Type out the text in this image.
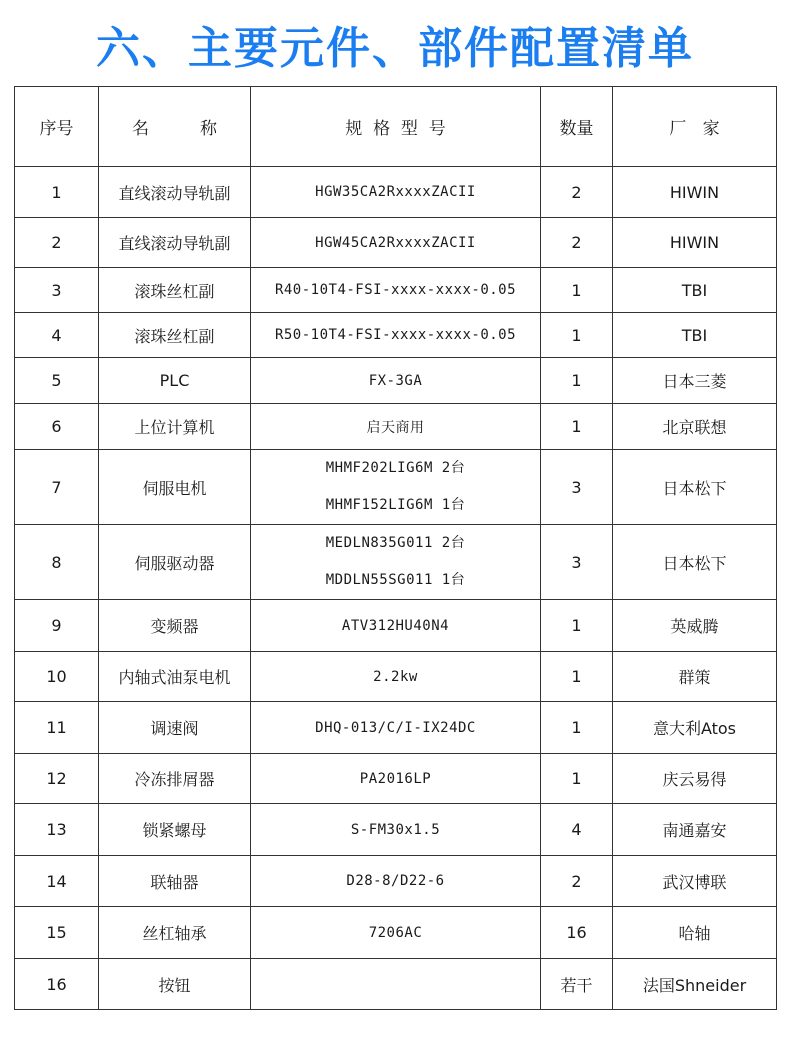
六、主要元件、部件配置清单
序号	名　　　称	规  格  型  号	数量	厂   家
1	直线滚动导轨副	HGW35CA2RxxxxZACII	2	HIWIN
2	直线滚动导轨副	HGW45CA2RxxxxZACII	2	HIWIN
3	滚珠丝杠副	R40-10T4-FSI-xxxx-xxxx-0.05	1	TBI
4	滚珠丝杠副	R50-10T4-FSI-xxxx-xxxx-0.05	1	TBI
5	PLC	FX-3GA	1	日本三菱
6	上位计算机	启天商用	1	北京联想
7	伺服电机	MHMF202LIG6M 2台
MHMF152LIG6M 1台	3	日本松下
8	伺服驱动器	MEDLN835G011 2台
MDDLN55SG011 1台	3	日本松下
9	变频器	ATV312HU40N4	1	英威腾
10	内轴式油泵电机	2.2kw	1	群策
11	调速阀	DHQ-013/C/I-IX24DC	1	意大利Atos
12	冷冻排屑器	PA2016LP	1	庆云易得
13	锁紧螺母	S-FM30x1.5	4	南通嘉安
14	联轴器	D28-8/D22-6	2	武汉博联
15	丝杠轴承	7206AC	16	哈轴
16	按钮		若干	法国Shneider
